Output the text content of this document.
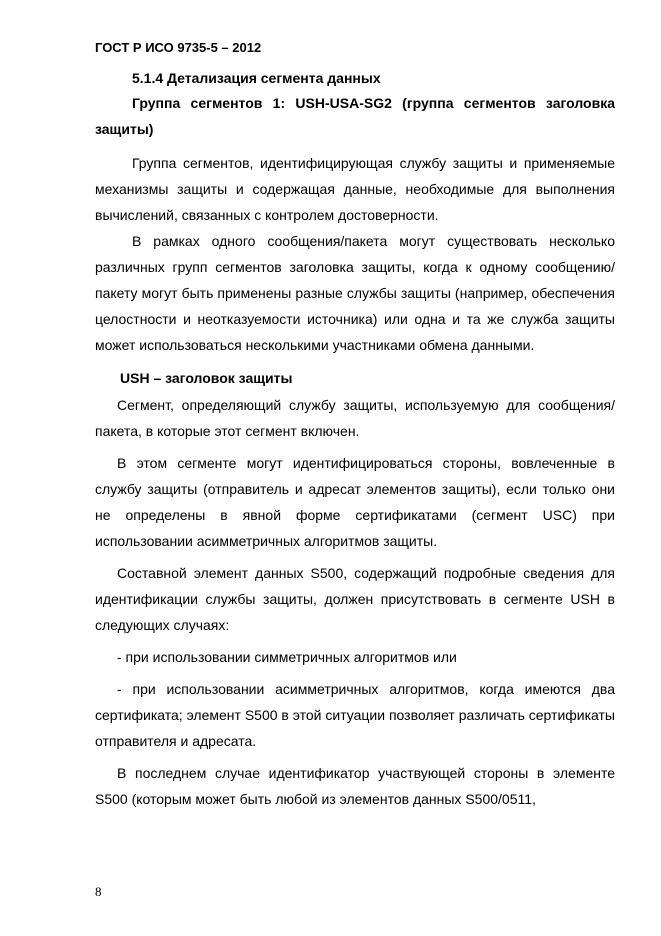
ГОСТ Р ИСО 9735-5 – 2012

5.1.4 Детализация сегмента данных

Группа сегментов 1: USH-USA-SG2 (группа сегментов заголовка защиты)

Группа сегментов, идентифицирующая службу защиты и применяемые механизмы защиты и содержащая данные, необходимые для выполнения вычислений, связанных с контролем достоверности.

В рамках одного сообщения/пакета могут существовать несколько различных групп сегментов заголовка защиты, когда к одному сообщению/пакету могут быть применены разные службы защиты (например, обеспечения целостности и неотказуемости источника) или одна и та же служба защиты может использоваться несколькими участниками обмена данными.

USH – заголовок защиты

Сегмент, определяющий службу защиты, используемую для сообщения/пакета, в которые этот сегмент включен.

В этом сегменте могут идентифицироваться стороны, вовлеченные в службу защиты (отправитель и адресат элементов защиты), если только они не определены в явной форме сертификатами (сегмент USC) при использовании асимметричных алгоритмов защиты.

Составной элемент данных S500, содержащий подробные сведения для идентификации службы защиты, должен присутствовать в сегменте USH в следующих случаях:

- при использовании симметричных алгоритмов или

- при использовании асимметричных алгоритмов, когда имеются два сертификата; элемент S500 в этой ситуации позволяет различать сертификаты отправителя и адресата.

В последнем случае идентификатор участвующей стороны в элементе S500 (которым может быть любой из элементов данных S500/0511,

8
